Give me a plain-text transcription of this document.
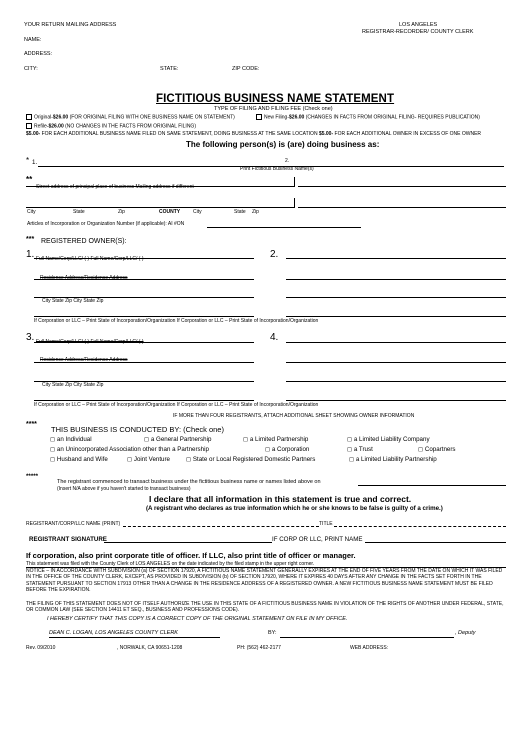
YOUR RETURN MAILING ADDRESS
NAME:
ADDRESS:
CITY:	STATE:	ZIP CODE:
LOS ANGELES
REGISTRAR-RECORDER/ COUNTY CLERK
FICTITIOUS BUSINESS NAME STATEMENT
TYPE OF FILING AND FILING FEE (Check one)
Original-$26.00 (FOR ORIGINAL FILING WITH ONE BUSINESS NAME ON STATEMENT)	New Filing-$26.00 (CHANGES IN FACTS FROM ORIGINAL FILING- REQUIRES PUBLICATION)
Refile-$26.00 (NO CHANGES IN THE FACTS FROM ORIGINAL FILING)
$5.00- FOR EACH ADDITIONAL BUSINESS NAME FILED ON SAME STATEMENT, DOING BUSINESS AT THE SAME LOCATION $5.00- FOR EACH ADDITIONAL OWNER IN EXCESS OF ONE OWNER
The following person(s) is (are) doing business as:
* 1.	2.
Print Fictitious Business Name(s)
**
Street address of principal place of business Mailing address if different
City	State	Zip	COUNTY	City	State Zip
Articles of Incorporation or Organization Number (if applicable): AI #ON
*** REGISTERED OWNER(S):
1. Full Name/Corp/LLC/ ( ) Full Name/Corp/LLC/ ( )	2.
Residence Address/Residence Address
City State Zip City State Zip
If Corporation or LLC – Print State of Incorporation/Organization If Corporation or LLC – Print State of Incorporation/Organization
3. Full Name/Corp/LLC/ ( ) Full Name/Corp/LLC/ ( )	4.
Residence Address/Residence Address
City State Zip City State Zip
If Corporation or LLC – Print State of Incorporation/Organization If Corporation or LLC – Print State of Incorporation/Organization
IF MORE THAN FOUR REGISTRANTS, ATTACH ADDITIONAL SHEET SHOWING OWNER INFORMATION
****
THIS BUSINESS IS CONDUCTED BY: (Check one)
◻ an Individual	◻ a General Partnership	◻ a Limited Partnership	◻ a Limited Liability Company
◻ an Unincorporated Association other than a Partnership	◻ a Corporation	◻ a Trust	◻ Copartners
◻ Husband and Wife	◻ Joint Venture	◻ State or Local Registered Domestic Partners	◻ a Limited Liability Partnership
*****
The registrant commenced to transact business under the fictitious business name or names listed above on
(Insert N/A above if you haven't started to transact business)
I declare that all information in this statement is true and correct.
(A registrant who declares as true information which he or she knows to be false is guilty of a crime.)
REGISTRANT/CORP/LLC NAME (PRINT)	TITLE
REGISTRANT SIGNATURE	IF CORP OR LLC, PRINT NAME
If corporation, also print corporate title of officer. If LLC, also print title of officer or manager.
This statement was filed with the County Clerk of LOS ANGELES on the date indicated by the filed stamp in the upper right corner.
NOTICE – IN ACCORDANCE WITH SUBDIVISION (a) OF SECTION 17920, A FICTITIOUS NAME STATEMENT GENERALLY EXPIRES AT THE END OF FIVE YEARS FROM THE DATE ON WHICH IT WAS FILED IN THE OFFICE OF THE COUNTY CLERK, EXCEPT, AS PROVIDED IN SUBDIVISION (b) OF SECTION 17920, WHERE IT EXPIRES 40 DAYS AFTER ANY CHANGE IN THE FACTS SET FORTH IN THE STATEMENT PURSUANT TO SECTION 17913 OTHER THAN A CHANGE IN THE RESIDENCE ADDRESS OF A REGISTERED OWNER. A NEW FICTITIOUS BUSINESS NAME STATEMENT MUST BE FILED BEFORE THE EXPIRATION.
THE FILING OF THIS STATEMENT DOES NOT OF ITSELF AUTHORIZE THE USE IN THIS STATE OF A FICTITIOUS BUSINESS NAME IN VIOLATION OF THE RIGHTS OF ANOTHER UNDER FEDERAL, STATE, OR COMMON LAW (SEE SECTION 14411 ET SEQ., BUSINESS AND PROFESSIONS CODE).
I HEREBY CERTIFY THAT THIS COPY IS A CORRECT COPY OF THE ORIGINAL STATEMENT ON FILE IN MY OFFICE.
DEAN C. LOGAN, LOS ANGELES COUNTY CLERK	BY:	, Deputy
Rev. 09/2010	, NORWALK, CA 90651-1208	PH: (562) 462-2177	WEB ADDRESS:
